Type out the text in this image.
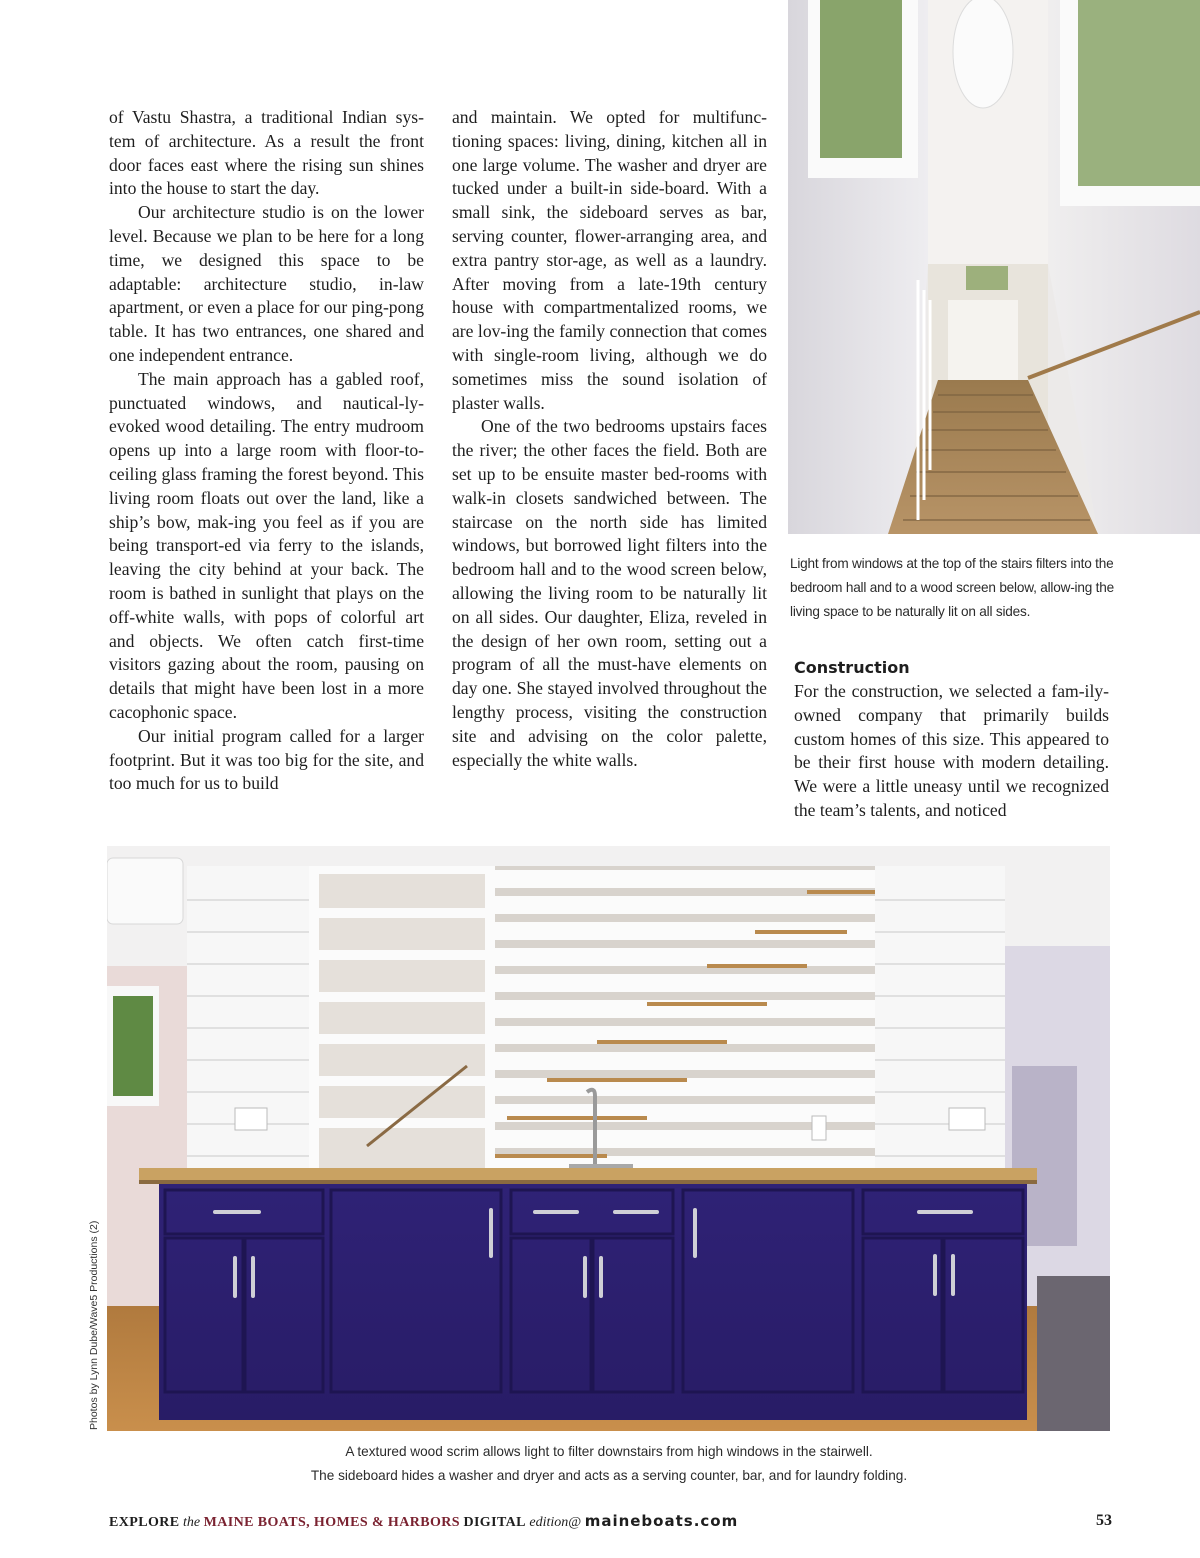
of Vastu Shastra, a traditional Indian sys-tem of architecture. As a result the front door faces east where the rising sun shines into the house to start the day.

Our architecture studio is on the lower level. Because we plan to be here for a long time, we designed this space to be adaptable: architecture studio, in-law apartment, or even a place for our ping-pong table. It has two entrances, one shared and one independent entrance.

The main approach has a gabled roof, punctuated windows, and nautical-ly-evoked wood detailing. The entry mudroom opens up into a large room with floor-to-ceiling glass framing the forest beyond. This living room floats out over the land, like a ship’s bow, mak-ing you feel as if you are being transport-ed via ferry to the islands, leaving the city behind at your back. The room is bathed in sunlight that plays on the off-white walls, with pops of colorful art and objects. We often catch first-time visitors gazing about the room, pausing on details that might have been lost in a more cacophonic space.

Our initial program called for a larger footprint. But it was too big for the site, and too much for us to build

and maintain. We opted for multifunc-tioning spaces: living, dining, kitchen all in one large volume. The washer and dryer are tucked under a built-in side-board. With a small sink, the sideboard serves as bar, serving counter, flower-arranging area, and extra pantry stor-age, as well as a laundry. After moving from a late-19th century house with compartmentalized rooms, we are lov-ing the family connection that comes with single-room living, although we do sometimes miss the sound isolation of plaster walls.

One of the two bedrooms upstairs faces the river; the other faces the field. Both are set up to be ensuite master bed-rooms with walk-in closets sandwiched between. The staircase on the north side has limited windows, but borrowed light filters into the bedroom hall and to the wood screen below, allowing the living room to be naturally lit on all sides. Our daughter, Eliza, reveled in the design of her own room, setting out a program of all the must-have elements on day one. She stayed involved throughout the lengthy process, visiting the construction site and advising on the color palette, especially the white walls.

Light from windows at the top of the stairs filters into the bedroom hall and to a wood screen below, allow-ing the living space to be naturally lit on all sides.
Construction

For the construction, we selected a fam-ily-owned company that primarily builds custom homes of this size. This appeared to be their first house with modern detailing. We were a little uneasy until we recognized the team’s talents, and noticed

Photos by Lynn Dube/Wave5 Productions (2)
A textured wood scrim allows light to filter downstairs from high windows in the stairwell.
The sideboard hides a washer and dryer and acts as a serving counter, bar, and for laundry folding.
EXPLORE the MAINE BOATS, HOMES & HARBORS DIGITAL edition@ maineboats.com	53
